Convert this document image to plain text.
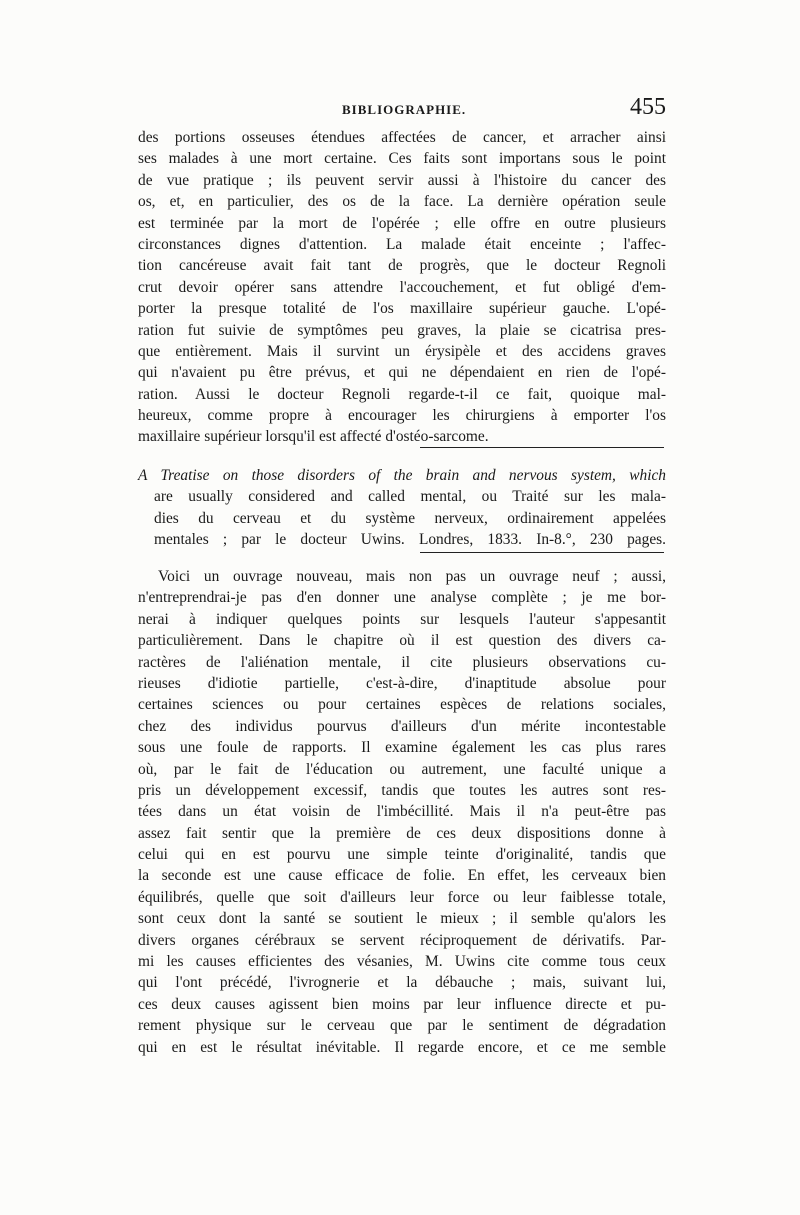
BIBLIOGRAPHIE.	455
des portions osseuses étendues affectées de cancer, et arracher ainsi
ses malades à une mort certaine. Ces faits sont importans sous le point
de vue pratique ; ils peuvent servir aussi à l'histoire du cancer des
os, et, en particulier, des os de la face. La dernière opération seule
est terminée par la mort de l'opérée ; elle offre en outre plusieurs
circonstances dignes d'attention. La malade était enceinte ; l'affec-
tion cancéreuse avait fait tant de progrès, que le docteur Regnoli
crut devoir opérer sans attendre l'accouchement, et fut obligé d'em-
porter la presque totalité de l'os maxillaire supérieur gauche. L'opé-
ration fut suivie de symptômes peu graves, la plaie se cicatrisa pres-
que entièrement. Mais il survint un érysipèle et des accidens graves
qui n'avaient pu être prévus, et qui ne dépendaient en rien de l'opé-
ration. Aussi le docteur Regnoli regarde-t-il ce fait, quoique mal-
heureux, comme propre à encourager les chirurgiens à emporter l'os
maxillaire supérieur lorsqu'il est affecté d'ostéo-sarcome.
A Treatise on those disorders of the brain and nervous system, which
are usually considered and called mental, ou Traité sur les mala-
dies du cerveau et du système nerveux, ordinairement appelées
mentales ; par le docteur Uwins. Londres, 1833. In-8.°, 230 pages.
Voici un ouvrage nouveau, mais non pas un ouvrage neuf ; aussi,
n'entreprendrai-je pas d'en donner une analyse complète ; je me bor-
nerai à indiquer quelques points sur lesquels l'auteur s'appesantit
particulièrement. Dans le chapitre où il est question des divers ca-
ractères de l'aliénation mentale, il cite plusieurs observations cu-
rieuses d'idiotie partielle, c'est-à-dire, d'inaptitude absolue pour
certaines sciences ou pour certaines espèces de relations sociales,
chez des individus pourvus d'ailleurs d'un mérite incontestable
sous une foule de rapports. Il examine également les cas plus rares
où, par le fait de l'éducation ou autrement, une faculté unique a
pris un développement excessif, tandis que toutes les autres sont res-
tées dans un état voisin de l'imbécillité. Mais il n'a peut-être pas
assez fait sentir que la première de ces deux dispositions donne à
celui qui en est pourvu une simple teinte d'originalité, tandis que
la seconde est une cause efficace de folie. En effet, les cerveaux bien
équilibrés, quelle que soit d'ailleurs leur force ou leur faiblesse totale,
sont ceux dont la santé se soutient le mieux ; il semble qu'alors les
divers organes cérébraux se servent réciproquement de dérivatifs. Par-
mi les causes efficientes des vésanies, M. Uwins cite comme tous ceux
qui l'ont précédé, l'ivrognerie et la débauche ; mais, suivant lui,
ces deux causes agissent bien moins par leur influence directe et pu-
rement physique sur le cerveau que par le sentiment de dégradation
qui en est le résultat inévitable. Il regarde encore, et ce me semble
